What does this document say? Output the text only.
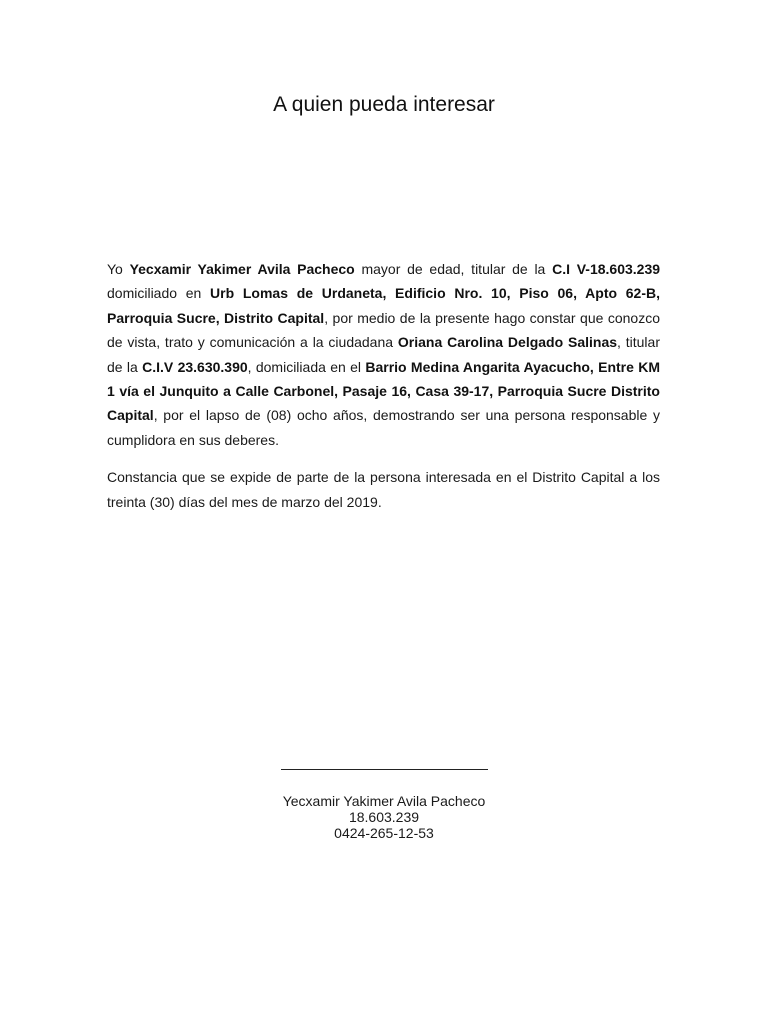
A quien pueda interesar

Yo Yecxamir Yakimer Avila Pacheco mayor de edad, titular de la C.I V-18.603.239 domiciliado en Urb Lomas de Urdaneta, Edificio Nro. 10, Piso 06, Apto 62-B, Parroquia Sucre, Distrito Capital, por medio de la presente hago constar que conozco de vista, trato y comunicación a la ciudadana Oriana Carolina Delgado Salinas, titular de la C.I.V 23.630.390, domiciliada en el Barrio Medina Angarita Ayacucho, Entre KM 1 vía el Junquito a Calle Carbonel, Pasaje 16, Casa 39-17, Parroquia Sucre Distrito Capital, por el lapso de (08) ocho años, demostrando ser una persona responsable y cumplidora en sus deberes.

Constancia que se expide de parte de la persona interesada en el Distrito Capital a los treinta (30) días del mes de marzo del 2019.

Yecxamir Yakimer Avila Pacheco
18.603.239
0424-265-12-53
